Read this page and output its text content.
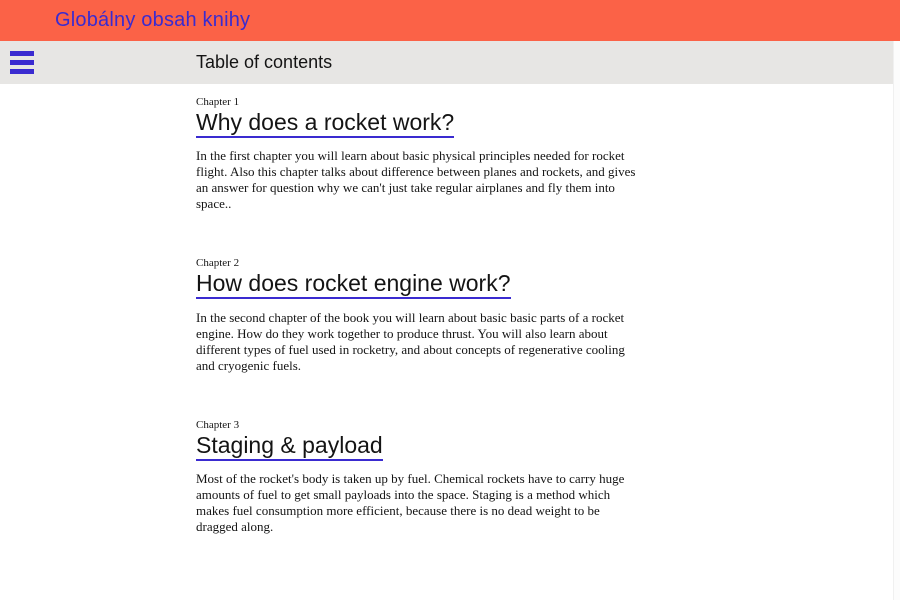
Globálny obsah knihy
Table of contents
Chapter 1
Why does a rocket work?

In the first chapter you will learn about basic physical principles needed for rocket flight. Also this chapter talks about difference between planes and rockets, and gives an answer for question why we can't just take regular airplanes and fly them into space..

Chapter 2
How does rocket engine work?

In the second chapter of the book you will learn about basic basic parts of a rocket engine. How do they work together to produce thrust. You will also learn about different types of fuel used in rocketry, and about concepts of regenerative cooling and cryogenic fuels.

Chapter 3
Staging & payload

Most of the rocket's body is taken up by fuel. Chemical rockets have to carry huge amounts of fuel to get small payloads into the space. Staging is a method which makes fuel consumption more efficient, because there is no dead weight to be dragged along.
